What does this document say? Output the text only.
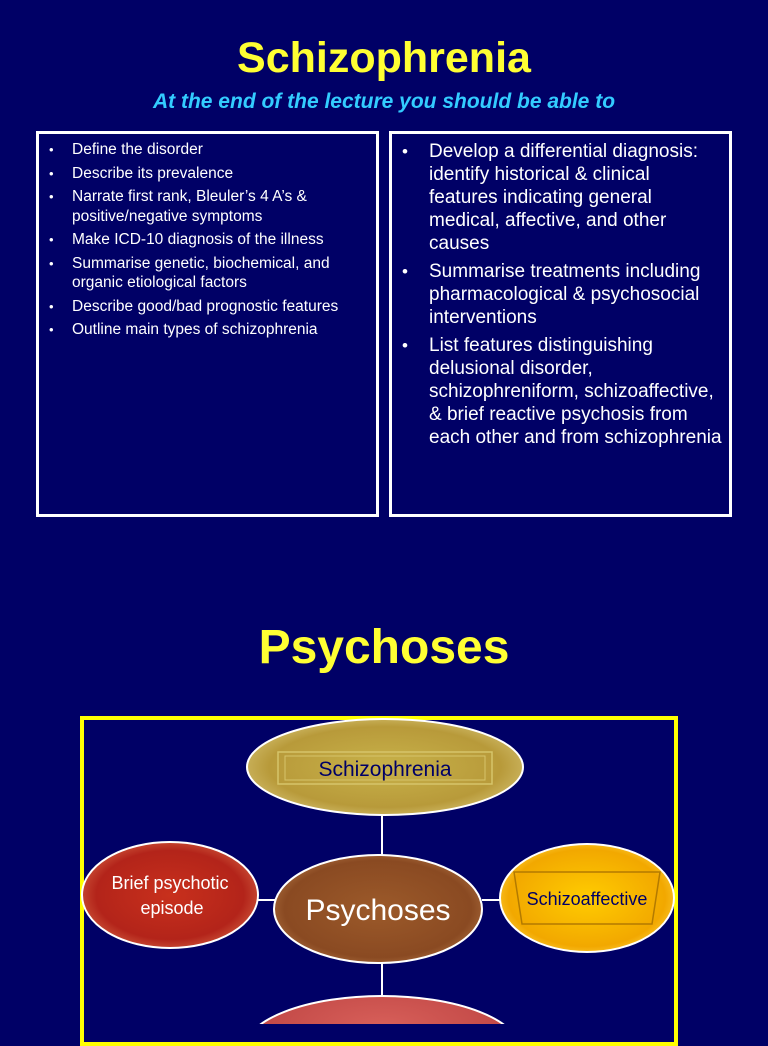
Schizophrenia
At the end of the lecture you should be able to
• Define the disorder
• Describe its prevalence
• Narrate first rank, Bleuler’s 4 A’s & positive/negative symptoms
• Make ICD-10 diagnosis of the illness
• Summarise genetic, biochemical, and organic etiological factors
• Describe good/bad prognostic features
• Outline main types of schizophrenia
• Develop a differential diagnosis: identify historical & clinical features indicating general medical, affective, and other causes
• Summarise treatments including pharmacological & psychosocial interventions
• List features distinguishing delusional disorder, schizophreniform, schizoaffective, & brief reactive psychosis from each other and from schizophrenia
Psychoses
Schizophrenia
Brief psychotic
episode	Psychoses	Schizoaffective
